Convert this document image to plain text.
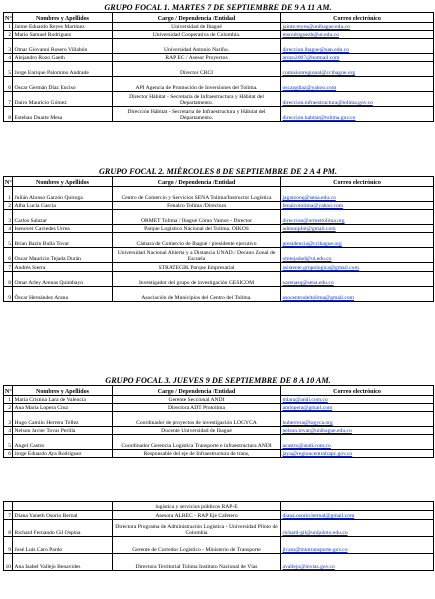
GRUPO FOCAL 1. MARTES 7 DE SEPTIEMBRE DE 9 A 11 AM.
N°	Nombres y Apellidos	Cargo / Dependencia /Entidad	Correo electrónico
1	Jaime Eduardo Reyes Martínez	Universidad de Ibagué	jaime.reyes@unibague.edu.co
2	Mario Samuel Rodríguez	Universidad Cooperativa de Colombia.	msrodriguezb@ut.edu.co
3	Omar Giovanni Rosero Villabón	Universidad Antonio Nariño.	direccion.ibague@uan.edu.co
4	Alejandro Rozo Gaeth	RAP EC / Asesor Proyectos	arozo2007@hotmail.com
5	Jorge Enrique Palomino Andrade	Director CRCI	comisionregional@ccibague.org
6	Oscar Germán Díaz Enciso	API Agencia de Promoción de Inversiones del Tolima.	oscargdiaz@yahoo.com
7	Dairo Mauricio Gómez	Director Hábitat - Secretaria de Infraestructura y Hábitat del Departamento.	direccion.infraestructura@tolima.gov.co
8	Esteban Duarte Mesa	Dirección Hábitat - Secretaria de Infraestructura y Hábitat del Departamento.	direccion.habitat@tolima.gov.co
GRUPO FOCAL 2. MIÉRCOLES 8 DE SEPTIEMBRE DE 2 A 4 PM.
N°	Nombres y Apellidos	Cargo / Dependencia /Entidad	Correo electrónico
1	Julián Alonso Garzón Quiroga	Centro de Comercio y Servicios SENA Tolima/Instructor Logística	jagarzonq@sena.edu.co
2	Alba Lucía García	Fenalco Tolima /Directora	fenalcotolima@yahoo.com
3	Carlos Salazar	ORMET Tolima / Ibagué Cómo Vamos - Director	direccion@ormettolima.org
4	Isenover Caviedes Urrea	Parque Logístico Nacional del Tolima. OIKOS	admonpInt@gmail.com
5	Brian Bazín Bulla Tovar	Cámara de Comercio de Ibagué / presidente ejecutivo	presidencia@ccibague.org
6	Oscar Mauricio Tejada Durán	Universidad Nacional Abierta y a Distancia UNAD./ Decano Zonal de Escuela	omtejadad@ut.edu.co
7	Andrés Sierra	STRATEGIK Parque Empresarial	asistente.grupologica@gmail.com
8	Omar Arley Arenas Quimbayo	Investigador del grupo de investigación GESICOM	oarenasq@sena.edu.co
9	Óscar Hernández Arana	Asociación de Municipios del Centro del Tolima.	asocentrodeltolima@gmail.com
GRUPO FOCAL 3. JUEVES 9 DE SEPTIEMBRE DE 8 A 10 AM.
N°	Nombres y Apellidos	Cargo / Dependencia /Entidad	Correo electrónico
1	María Cristina Lara de Valencia	Gerente Seccional ANDI	mlara@andi.com.co
2	Ana María Lopera Cruz	Directora ADT Protolima	amlopera@gmail.com
3	Hugo Camilo Herrera Téllez	Coordinador de proyectos de investigación LOGYCA	huherrera@logyca.org
4	Nelson Javier Tovar Perilla	Docente Universidad de Ibagué	nelson.tovar@unibague.edu.co
5	Angel Castro	Coordinador Gerencia Logística Transporte e infraestructura ANDI	acastro@andi.com.co
6	Jorge Eduardo Aya Rodríguez	Responsable del eje de Infraestructura de trans,	jaya@regioncentralrapc.gov.co
		logística y servicios públicos RAP-E	
7	Diana Yaneth Osorio Bernal	Asesora ALREC - RAP Eje Cafetero	diana.osorio.bernal@gmail.com
8	Richard Fernando Gil Ospina	Directora Programa de Administración Logística - Universidad Piloto de Colombia	richard-gil@unipiloto.edu.co
9	José Luis Caro Pardo	Gerente de Corredor Logístico - Ministerio de Transporte	jlcaro@mintransporte.gov.co
10	Ana Isabel Vallejo Benavides	Directora Territorial Tolima Instituto Nacional de Vías	avallejo@invias.gov.co
